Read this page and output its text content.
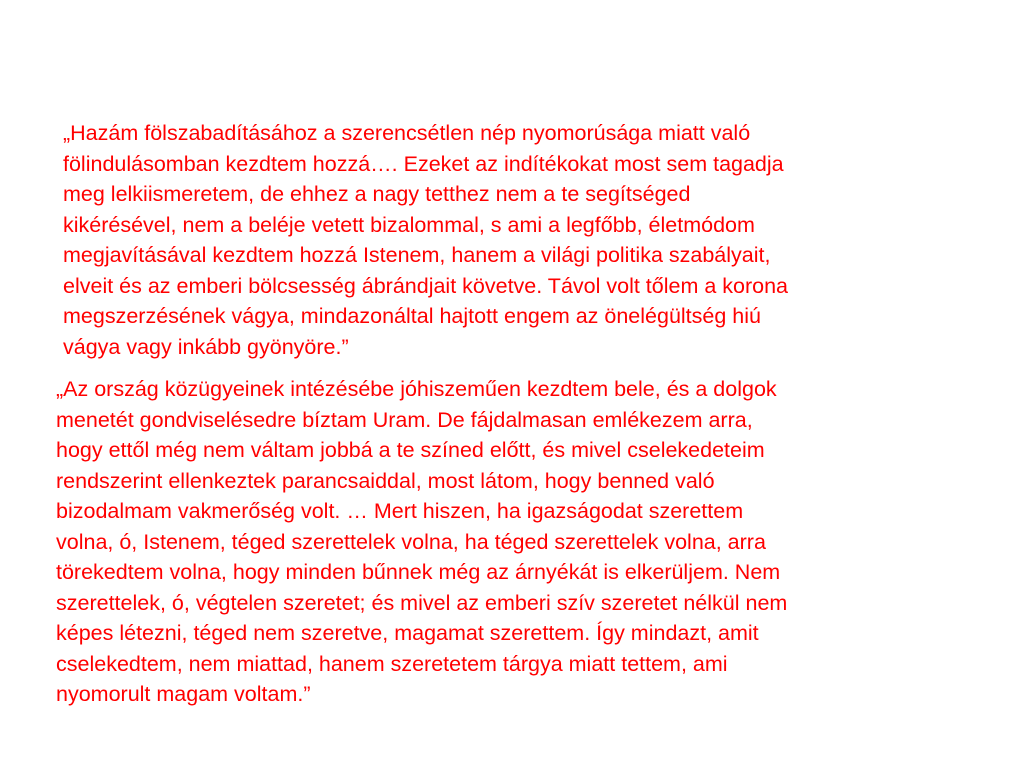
„Hazám fölszabadításához a szerencsétlen nép nyomorúsága miatt való
fölindulásomban kezdtem hozzá…. Ezeket az indítékokat most sem tagadja
meg lelkiismeretem, de ehhez a nagy tetthez nem a te segítséged
kikérésével, nem a beléje vetett bizalommal, s ami a legfőbb, életmódom
megjavításával kezdtem hozzá Istenem, hanem a világi politika szabályait,
elveit és az emberi bölcsesség ábrándjait követve. Távol volt tőlem a korona
megszerzésének vágya, mindazonáltal hajtott engem az önelégültség hiú
vágya vagy inkább gyönyöre.”

„Az ország közügyeinek intézésébe jóhiszeműen kezdtem bele, és a dolgok
menetét gondviselésedre bíztam Uram. De fájdalmasan emlékezem arra,
hogy ettől még nem váltam jobbá a te színed előtt, és mivel cselekedeteim
rendszerint ellenkeztek parancsaiddal, most látom, hogy benned való
bizodalmam vakmerőség volt. … Mert hiszen, ha igazságodat szerettem
volna, ó, Istenem, téged szerettelek volna, ha téged szerettelek volna, arra
törekedtem volna, hogy minden bűnnek még az árnyékát is elkerüljem. Nem
szerettelek, ó, végtelen szeretet; és mivel az emberi szív szeretet nélkül nem
képes létezni, téged nem szeretve, magamat szerettem. Így mindazt, amit
cselekedtem, nem miattad, hanem szeretetem tárgya miatt tettem, ami
nyomorult magam voltam.”
